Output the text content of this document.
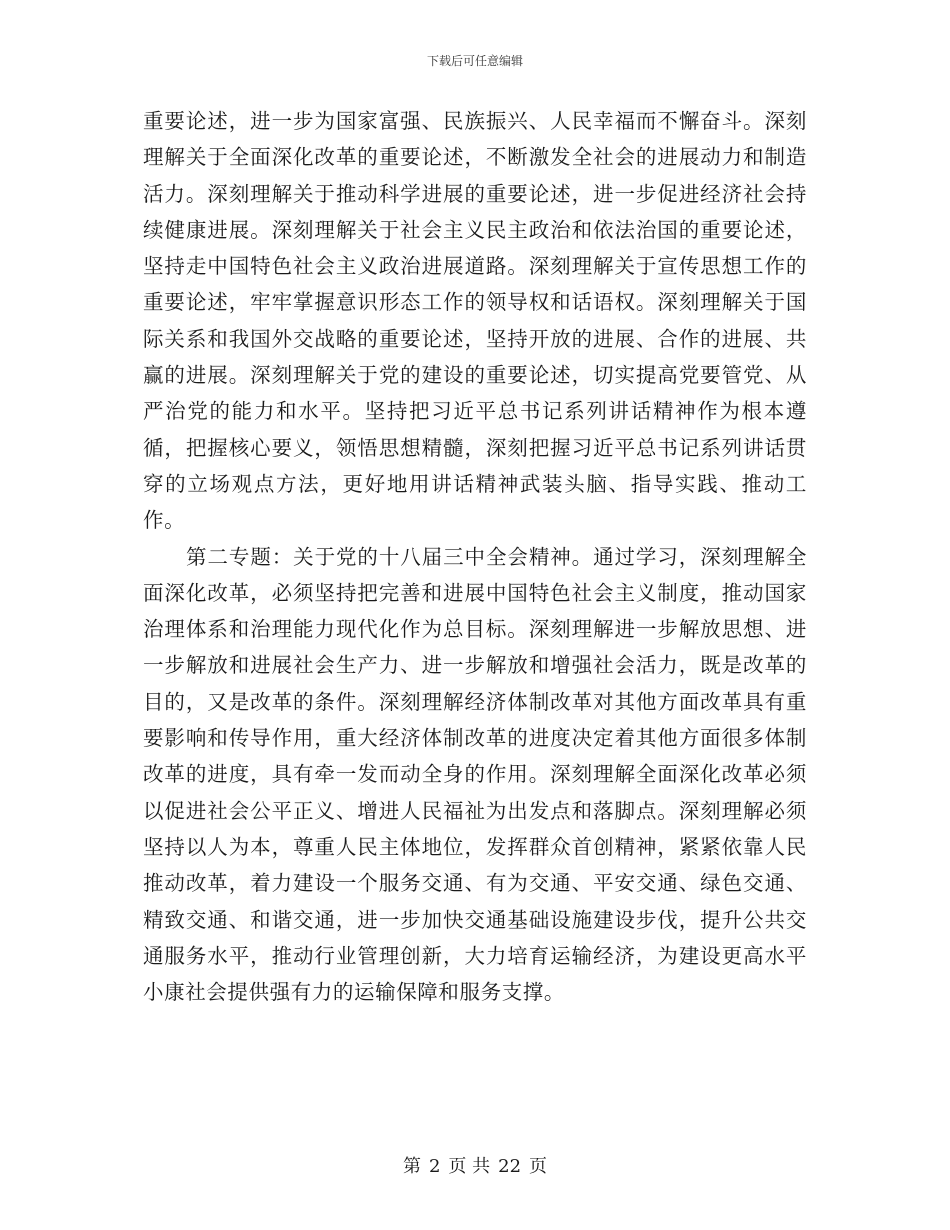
下载后可任意编辑

重要论述，进一步为国家富强、民族振兴、人民幸福而不懈奋斗。深刻理解关于全面深化改革的重要论述，不断激发全社会的进展动力和制造活力。深刻理解关于推动科学进展的重要论述，进一步促进经济社会持续健康进展。深刻理解关于社会主义民主政治和依法治国的重要论述，坚持走中国特色社会主义政治进展道路。深刻理解关于宣传思想工作的重要论述，牢牢掌握意识形态工作的领导权和话语权。深刻理解关于国际关系和我国外交战略的重要论述，坚持开放的进展、合作的进展、共赢的进展。深刻理解关于党的建设的重要论述，切实提高党要管党、从严治党的能力和水平。坚持把习近平总书记系列讲话精神作为根本遵循，把握核心要义，领悟思想精髓，深刻把握习近平总书记系列讲话贯穿的立场观点方法，更好地用讲话精神武装头脑、指导实践、推动工作。

第二专题：关于党的十八届三中全会精神。通过学习，深刻理解全面深化改革，必须坚持把完善和进展中国特色社会主义制度，推动国家治理体系和治理能力现代化作为总目标。深刻理解进一步解放思想、进一步解放和进展社会生产力、进一步解放和增强社会活力，既是改革的目的，又是改革的条件。深刻理解经济体制改革对其他方面改革具有重要影响和传导作用，重大经济体制改革的进度决定着其他方面很多体制改革的进度，具有牵一发而动全身的作用。深刻理解全面深化改革必须以促进社会公平正义、增进人民福祉为出发点和落脚点。深刻理解必须坚持以人为本，尊重人民主体地位，发挥群众首创精神，紧紧依靠人民推动改革，着力建设一个服务交通、有为交通、平安交通、绿色交通、精致交通、和谐交通，进一步加快交通基础设施建设步伐，提升公共交通服务水平，推动行业管理创新，大力培育运输经济，为建设更高水平小康社会提供强有力的运输保障和服务支撑。

第 2 页 共 22 页
